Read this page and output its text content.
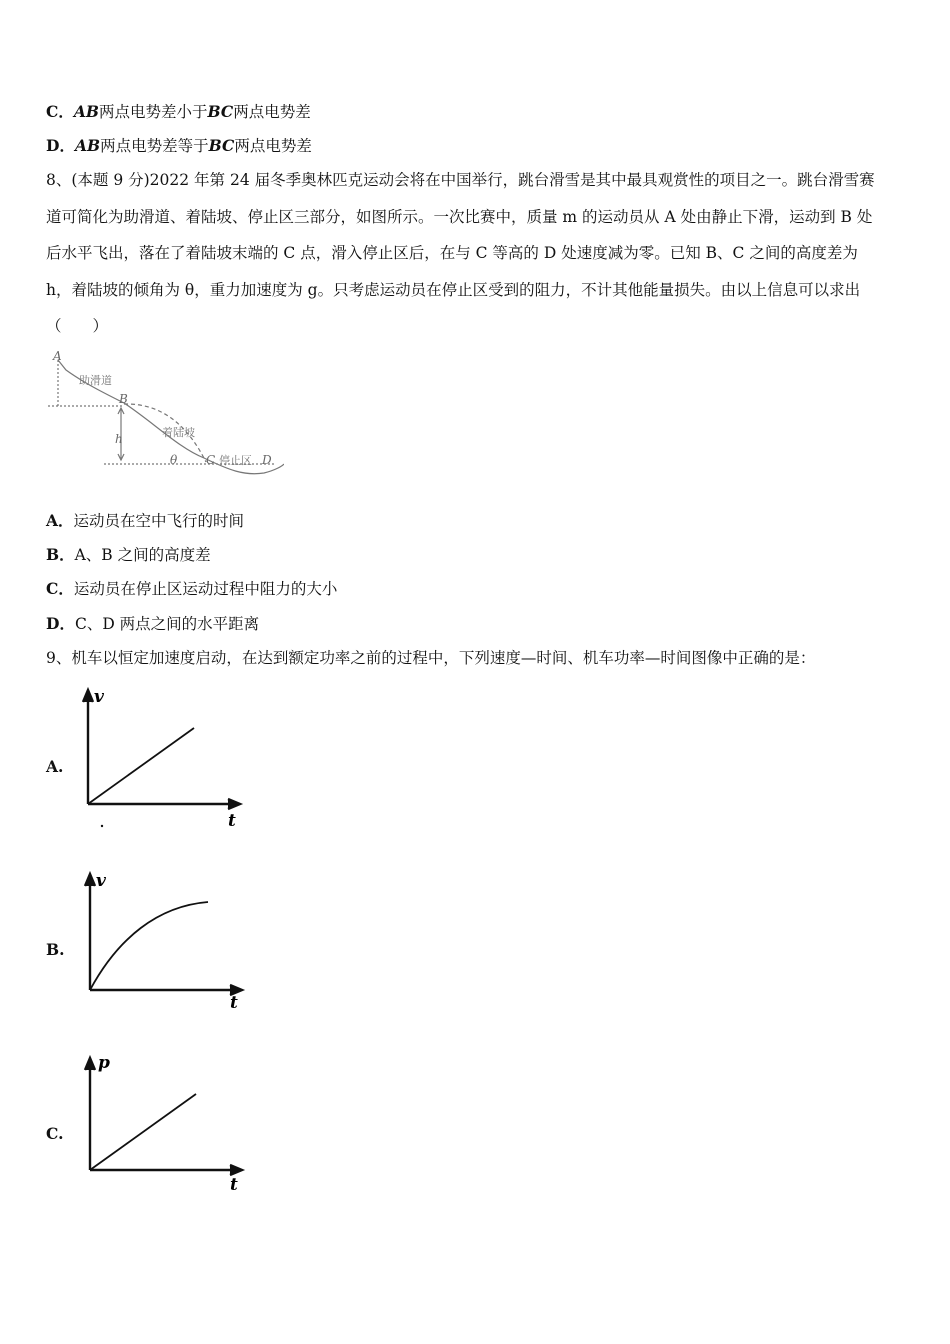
C．AB两点电势差小于BC两点电势差
D．AB两点电势差等于BC两点电势差
8、(本题 9 分)2022 年第 24 届冬季奥林匹克运动会将在中国举行，跳台滑雪是其中最具观赏性的项目之一。跳台滑雪赛
道可简化为助滑道、着陆坡、停止区三部分，如图所示。一次比赛中，质量 m 的运动员从 A 处由静止下滑，运动到 B 处
后水平飞出，落在了着陆坡末端的 C 点，滑入停止区后，在与 C 等高的 D 处速度减为零。已知 B、C 之间的高度差为
h，着陆坡的倾角为 θ，重力加速度为 g。只考虑运动员在停止区受到的阻力，不计其他能量损失。由以上信息可以求出
（　　）
A
助滑道
B
着陆坡
h
θ C 停止区 D
A．运动员在空中飞行的时间
B．A、B 之间的高度差
C．运动员在停止区运动过程中阻力的大小
D．C、D 两点之间的水平距离
9、机车以恒定加速度启动，在达到额定功率之前的过程中，下列速度—时间、机车功率—时间图像中正确的是：
A.
v
t
B.
v
t
C.
p
t
